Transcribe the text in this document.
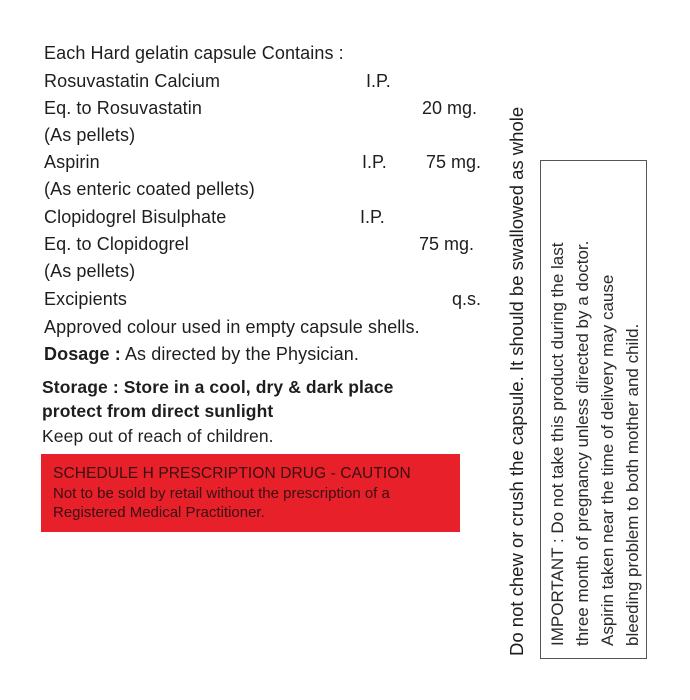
Each Hard gelatin capsule Contains :
Rosuvastatin Calcium	I.P.
Eq. to Rosuvastatin	20 mg.
(As pellets)
Aspirin	I.P. 75 mg.
(As enteric coated pellets)
Clopidogrel Bisulphate	I.P.
Eq. to Clopidogrel	75 mg.
(As pellets)
Excipients	q.s.
Approved colour used in empty capsule shells.
Dosage : As directed by the Physician.
Storage : Store in a cool, dry & dark place
protect from direct sunlight
Keep out of reach of children.
SCHEDULE H PRESCRIPTION DRUG - CAUTION
Not to be sold by retail without the prescription of a
Registered Medical Practitioner.	Do not chew or crush the capsule. It should be swallowed as whole IMPORTANT : Do not take this product during the last three month of pregnancy unless directed by a doctor. Aspirin taken near the time of delivery may cause bleeding problem to both mother and child.
